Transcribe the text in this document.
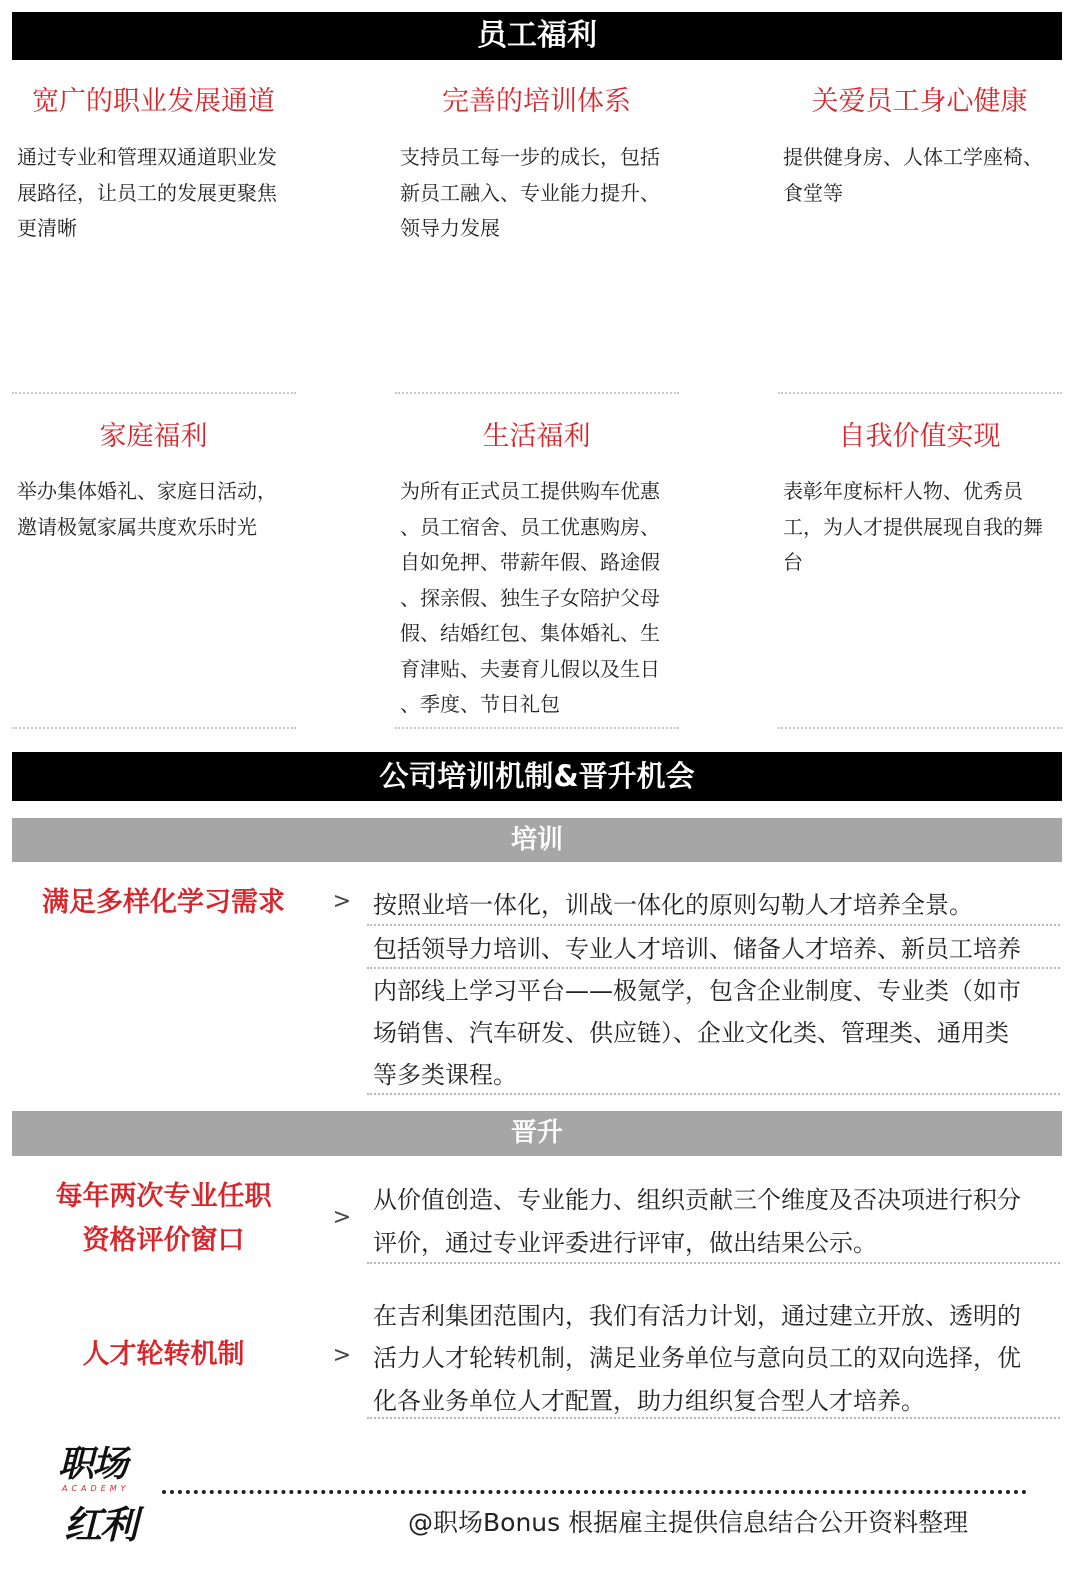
员工福利
宽广的职业发展通道
通过专业和管理双通道职业发
展路径，让员工的发展更聚焦
更清晰
完善的培训体系
支持员工每一步的成长，包括
新员工融入、专业能力提升、
领导力发展
关爱员工身心健康
提供健身房、人体工学座椅、
食堂等
家庭福利
举办集体婚礼、家庭日活动，
邀请极氪家属共度欢乐时光
生活福利
为所有正式员工提供购车优惠
、员工宿舍、员工优惠购房、
自如免押、带薪年假、路途假
、探亲假、独生子女陪护父母
假、结婚红包、集体婚礼、生
育津贴、夫妻育儿假以及生日
、季度、节日礼包
自我价值实现
表彰年度标杆人物、优秀员
工，为人才提供展现自我的舞
台
公司培训机制&晋升机会
培训
满足多样化学习需求	> 按照业培一体化，训战一体化的原则勾勒人才培养全景。
包括领导力培训、专业人才培训、储备人才培养、新员工培养
内部线上学习平台——极氪学，包含企业制度、专业类（如市
场销售、汽车研发、供应链）、企业文化类、管理类、通用类
等多类课程。
晋升
每年两次专业任职
资格评价窗口
>
从价值创造、专业能力、组织贡献三个维度及否决项进行积分
评价，通过专业评委进行评审，做出结果公示。
人才轮转机制	>
在吉利集团范围内，我们有活力计划，通过建立开放、透明的
活力人才轮转机制，满足业务单位与意向员工的双向选择，优
化各业务单位人才配置，助力组织复合型人才培养。
职场
ACADEMY
红利	@职场Bonus 根据雇主提供信息结合公开资料整理
